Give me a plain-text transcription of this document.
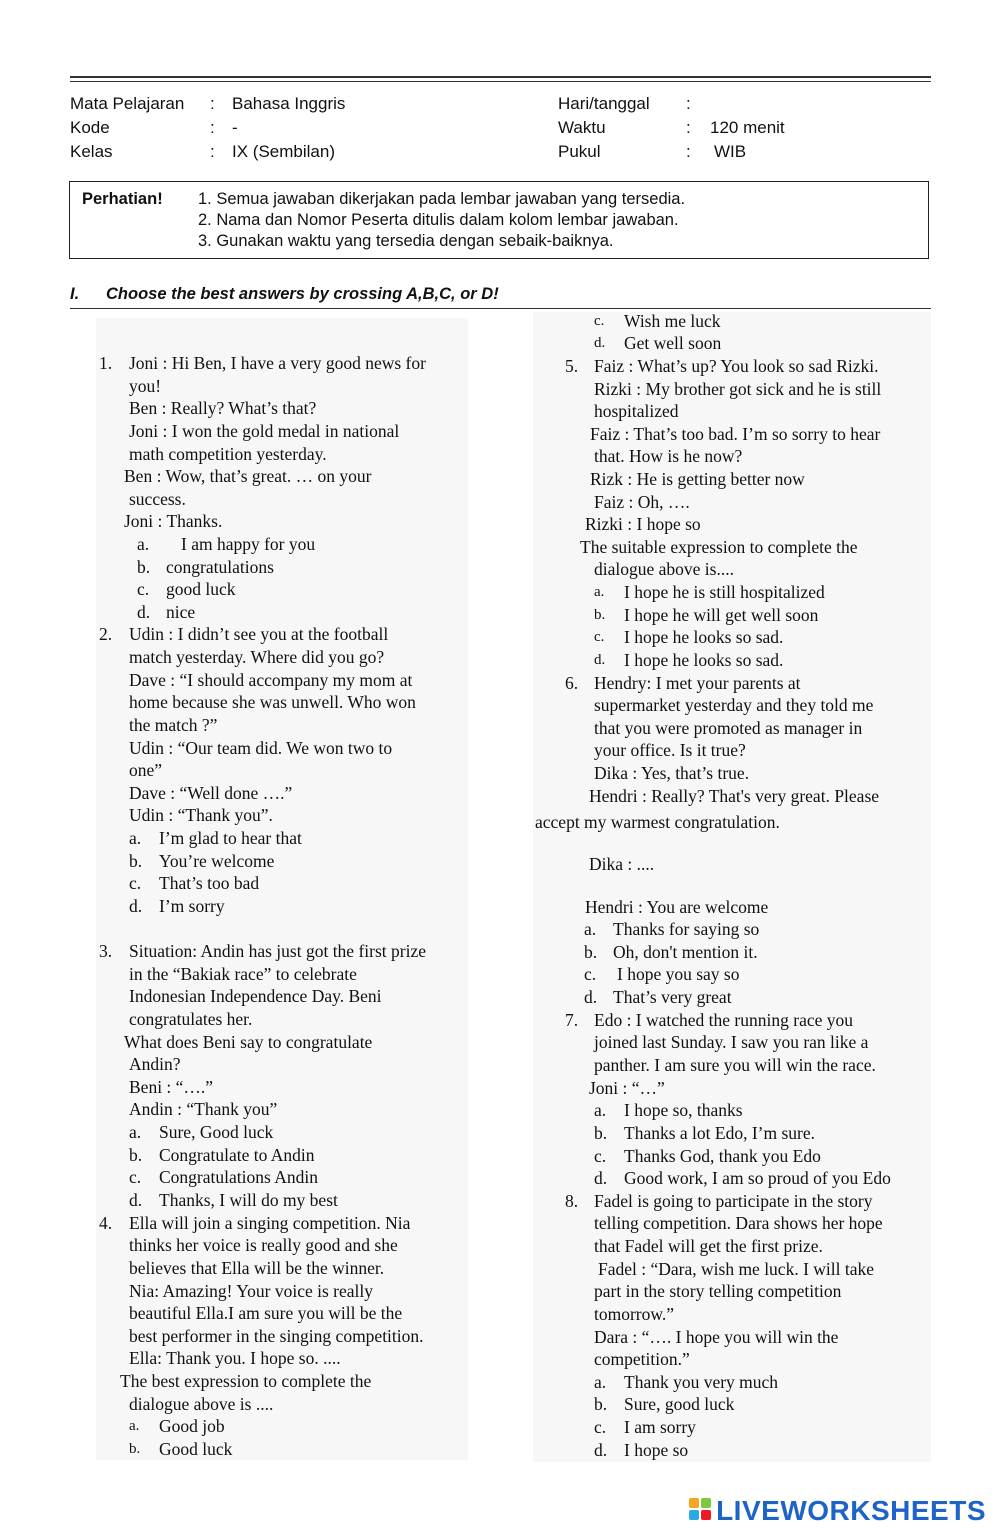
Mata Pelajaran : Bahasa Inggris	Hari/tanggal :
Kode	: -	Waktu	: 120 menit
Kelas	: IX (Sembilan)	Pukul	: WIB
Perhatian! 1. Semua jawaban dikerjakan pada lembar jawaban yang tersedia.
2. Nama dan Nomor Peserta ditulis dalam kolom lembar jawaban.
3. Gunakan waktu yang tersedia dengan sebaik-baiknya.
I. Choose the best answers by crossing A,B,C, or D!
1. Joni : Hi Ben, I have a very good news for
you!
Ben : Really? What’s that?
Joni : I won the gold medal in national
math competition yesterday.
Ben : Wow, that’s great. … on your
success.
Joni : Thanks.
a. I am happy for you
b. congratulations
c. good luck
d. nice
2. Udin : I didn’t see you at the football
match yesterday. Where did you go?
Dave : “I should accompany my mom at
home because she was unwell. Who won
the match ?”
Udin : “Our team did. We won two to
one”
Dave : “Well done ….”
Udin : “Thank you”.
a. I’m glad to hear that
b. You’re welcome
c. That’s too bad
d. I’m sorry
3. Situation: Andin has just got the first prize
in the “Bakiak race” to celebrate
Indonesian Independence Day. Beni
congratulates her.
What does Beni say to congratulate
Andin?
Beni : “….”
Andin : “Thank you”
a. Sure, Good luck
b. Congratulate to Andin
c. Congratulations Andin
d. Thanks, I will do my best
4. Ella will join a singing competition. Nia
thinks her voice is really good and she
believes that Ella will be the winner.
Nia: Amazing! Your voice is really
beautiful Ella.I am sure you will be the
best performer in the singing competition.
Ella: Thank you. I hope so. ....
The best expression to complete the
dialogue above is ....
a. Good job
b. Good luck
c. Wish me luck
d. Get well soon
5. Faiz : What’s up? You look so sad Rizki.
Rizki : My brother got sick and he is still
hospitalized
Faiz : That’s too bad. I’m so sorry to hear
that. How is he now?
Rizk : He is getting better now
Faiz : Oh, ….
Rizki : I hope so
The suitable expression to complete the
dialogue above is....
a. I hope he is still hospitalized
b. I hope he will get well soon
c. I hope he looks so sad.
d. I hope he looks so sad.
6. Hendry: I met your parents at
supermarket yesterday and they told me
that you were promoted as manager in
your office. Is it true?
Dika : Yes, that’s true.
Hendri : Really? That's very great. Please
accept my warmest congratulation.
Dika : ....
Hendri : You are welcome
a. Thanks for saying so
b. Oh, don't mention it.
c. I hope you say so
d. That’s very great
7. Edo : I watched the running race you
joined last Sunday. I saw you ran like a
panther. I am sure you will win the race.
Joni : “…”
a. I hope so, thanks
b. Thanks a lot Edo, I’m sure.
c. Thanks God, thank you Edo
d. Good work, I am so proud of you Edo
8. Fadel is going to participate in the story
telling competition. Dara shows her hope
that Fadel will get the first prize.
Fadel : “Dara, wish me luck. I will take
part in the story telling competition
tomorrow.”
Dara : “…. I hope you will win the
competition.”
a. Thank you very much
b. Sure, good luck
c. I am sorry
d. I hope so
LIVEWORKSHEETS
